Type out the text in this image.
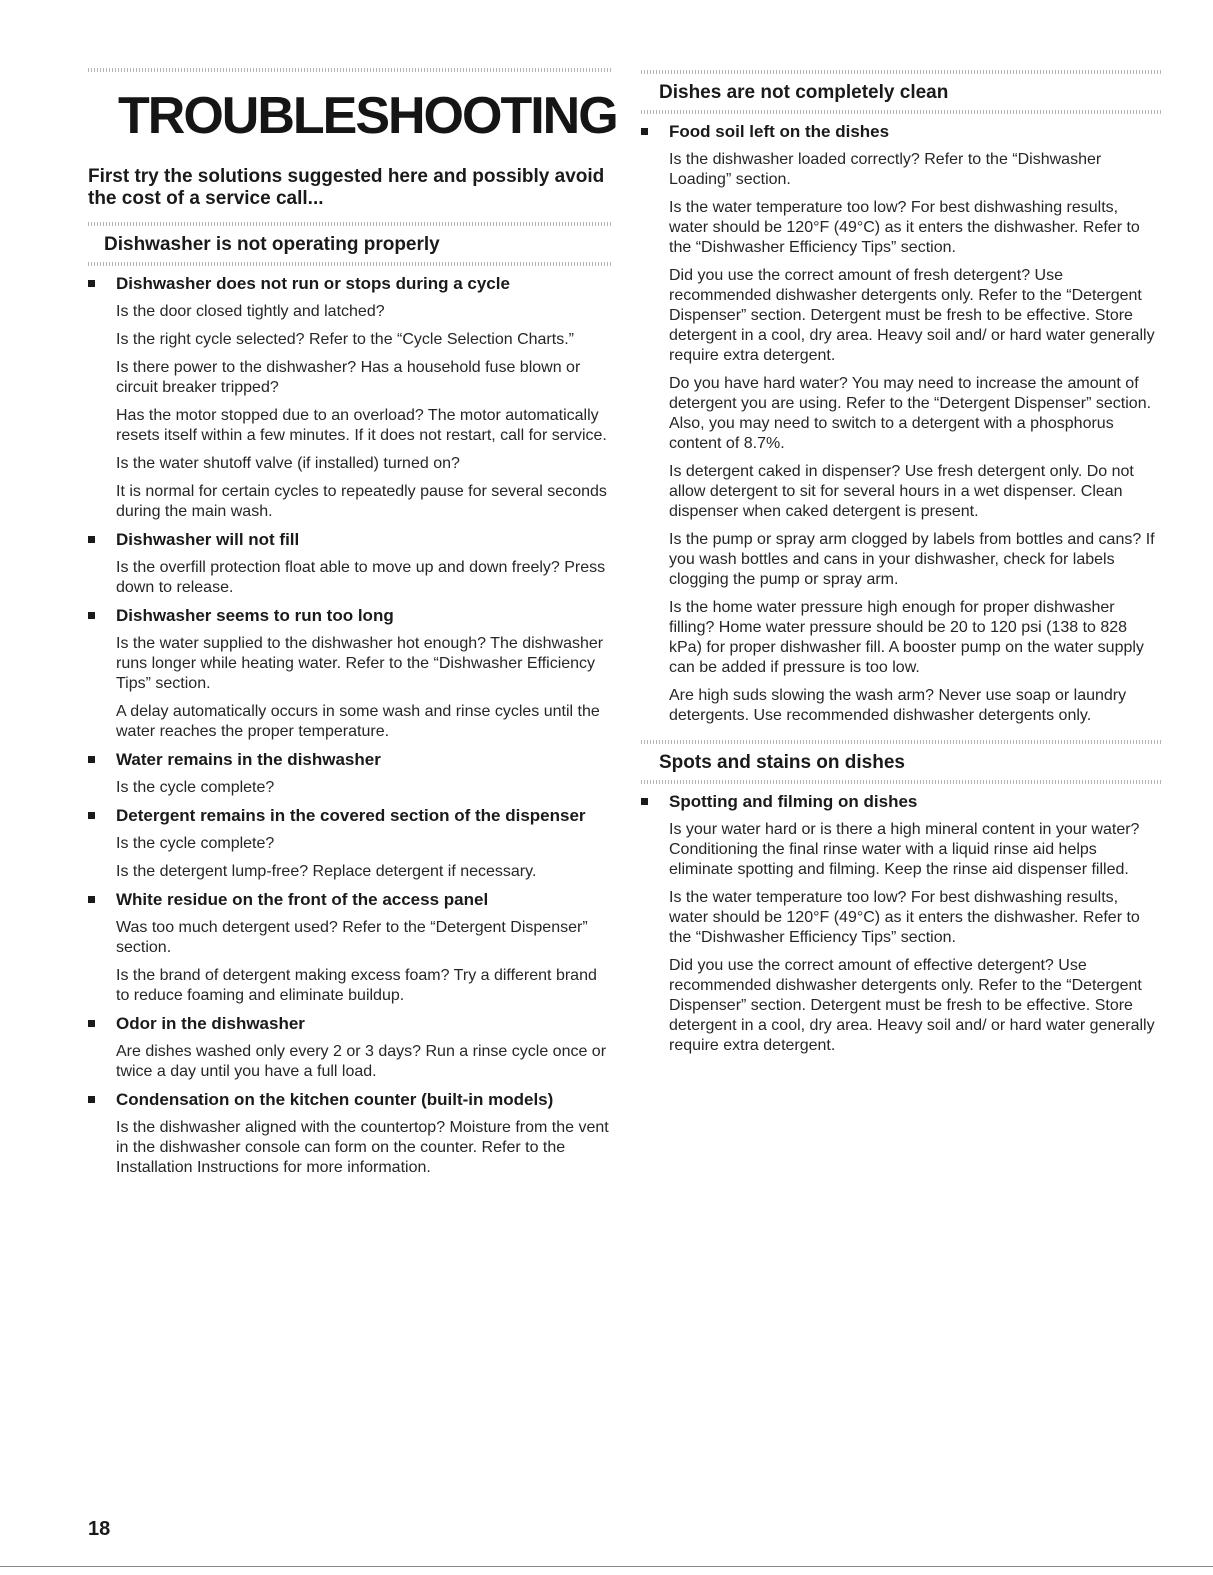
TROUBLESHOOTING
First try the solutions suggested here and possibly avoid the cost of a service call...
Dishwasher is not operating properly
Dishwasher does not run or stops during a cycle
Is the door closed tightly and latched?
Is the right cycle selected? Refer to the “Cycle Selection Charts.”
Is there power to the dishwasher? Has a household fuse blown or circuit breaker tripped?
Has the motor stopped due to an overload? The motor automatically resets itself within a few minutes. If it does not restart, call for service.
Is the water shutoff valve (if installed) turned on?
It is normal for certain cycles to repeatedly pause for several seconds during the main wash.
Dishwasher will not fill
Is the overfill protection float able to move up and down freely? Press down to release.
Dishwasher seems to run too long
Is the water supplied to the dishwasher hot enough? The dishwasher runs longer while heating water. Refer to the “Dishwasher Efficiency Tips” section.
A delay automatically occurs in some wash and rinse cycles until the water reaches the proper temperature.
Water remains in the dishwasher
Is the cycle complete?
Detergent remains in the covered section of the dispenser
Is the cycle complete?
Is the detergent lump-free? Replace detergent if necessary.
White residue on the front of the access panel
Was too much detergent used? Refer to the “Detergent Dispenser” section.
Is the brand of detergent making excess foam? Try a different brand to reduce foaming and eliminate buildup.
Odor in the dishwasher
Are dishes washed only every 2 or 3 days? Run a rinse cycle once or twice a day until you have a full load.
Condensation on the kitchen counter (built-in models)
Is the dishwasher aligned with the countertop? Moisture from the vent in the dishwasher console can form on the counter. Refer to the Installation Instructions for more information.
Dishes are not completely clean
Food soil left on the dishes
Is the dishwasher loaded correctly? Refer to the “Dishwasher Loading” section.
Is the water temperature too low? For best dishwashing results, water should be 120°F (49°C) as it enters the dishwasher. Refer to the “Dishwasher Efficiency Tips” section.
Did you use the correct amount of fresh detergent? Use recommended dishwasher detergents only. Refer to the “Detergent Dispenser” section. Detergent must be fresh to be effective. Store detergent in a cool, dry area. Heavy soil and/ or hard water generally require extra detergent.
Do you have hard water? You may need to increase the amount of detergent you are using. Refer to the “Detergent Dispenser” section. Also, you may need to switch to a detergent with a phosphorus content of 8.7%.
Is detergent caked in dispenser? Use fresh detergent only. Do not allow detergent to sit for several hours in a wet dispenser. Clean dispenser when caked detergent is present.
Is the pump or spray arm clogged by labels from bottles and cans? If you wash bottles and cans in your dishwasher, check for labels clogging the pump or spray arm.
Is the home water pressure high enough for proper dishwasher filling? Home water pressure should be 20 to 120 psi (138 to 828 kPa) for proper dishwasher fill. A booster pump on the water supply can be added if pressure is too low.
Are high suds slowing the wash arm? Never use soap or laundry detergents. Use recommended dishwasher detergents only.
Spots and stains on dishes
Spotting and filming on dishes
Is your water hard or is there a high mineral content in your water? Conditioning the final rinse water with a liquid rinse aid helps eliminate spotting and filming. Keep the rinse aid dispenser filled.
Is the water temperature too low? For best dishwashing results, water should be 120°F (49°C) as it enters the dishwasher. Refer to the “Dishwasher Efficiency Tips” section.
Did you use the correct amount of effective detergent? Use recommended dishwasher detergents only. Refer to the “Detergent Dispenser” section. Detergent must be fresh to be effective. Store detergent in a cool, dry area. Heavy soil and/ or hard water generally require extra detergent.
18
